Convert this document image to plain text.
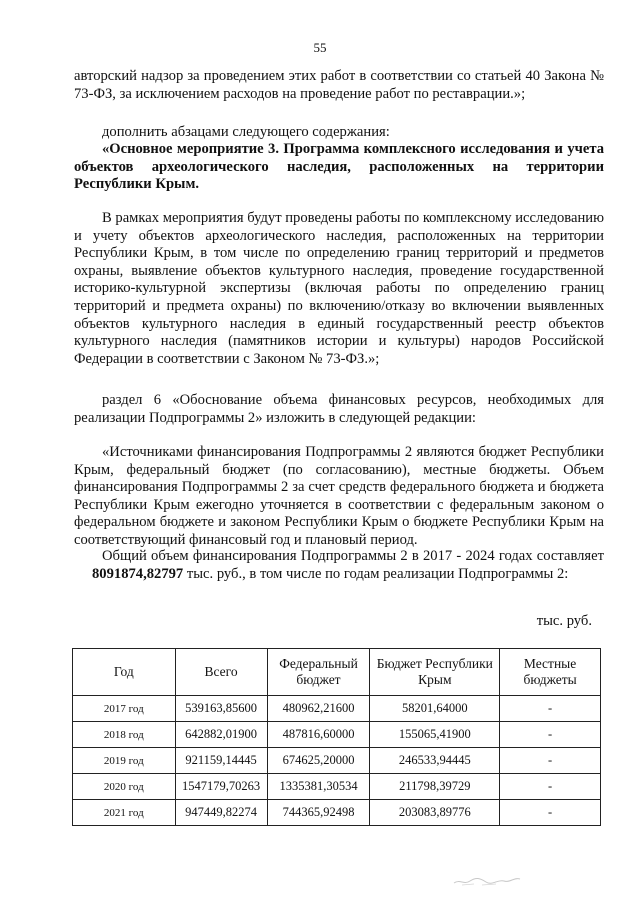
55
авторский надзор за проведением этих работ в соответствии со статьей 40 Закона № 73-ФЗ, за исключением расходов на проведение работ по реставрации.»;
дополнить абзацами следующего содержания:
«Основное мероприятие 3. Программа комплексного исследования и учета объектов археологического наследия, расположенных на территории Республики Крым.
В рамках мероприятия будут проведены работы по комплексному исследованию и учету объектов археологического наследия, расположенных на территории Республики Крым, в том числе по определению границ территорий и предметов охраны, выявление объектов культурного наследия, проведение государственной историко-культурной экспертизы (включая работы по определению границ территорий и предмета охраны) по включению/отказу во включении выявленных объектов культурного наследия в единый государственный реестр объектов культурного наследия (памятников истории и культуры) народов Российской Федерации в соответствии с Законом № 73-ФЗ.»;
раздел 6 «Обоснование объема финансовых ресурсов, необходимых для реализации Подпрограммы 2» изложить в следующей редакции:
«Источниками финансирования Подпрограммы 2 являются бюджет Республики Крым, федеральный бюджет (по согласованию), местные бюджеты. Объем финансирования Подпрограммы 2 за счет средств федерального бюджета и бюджета Республики Крым ежегодно уточняется в соответствии с федеральным законом о федеральном бюджете и законом Республики Крым о бюджете Республики Крым на соответствующий финансовый год и плановый период.
Общий объем финансирования Подпрограммы 2 в 2017 - 2024 годах составляет 8091874,82797 тыс. руб., в том числе по годам реализации Подпрограммы 2:
тыс. руб.
Год	Всего	Федеральный бюджет	Бюджет Республики Крым	Местные бюджеты
2017 год	539163,85600	480962,21600	58201,64000	-
2018 год	642882,01900	487816,60000	155065,41900	-
2019 год	921159,14445	674625,20000	246533,94445	-
2020 год	1547179,70263	1335381,30534	211798,39729	-
2021 год	947449,82274	744365,92498	203083,89776	-
